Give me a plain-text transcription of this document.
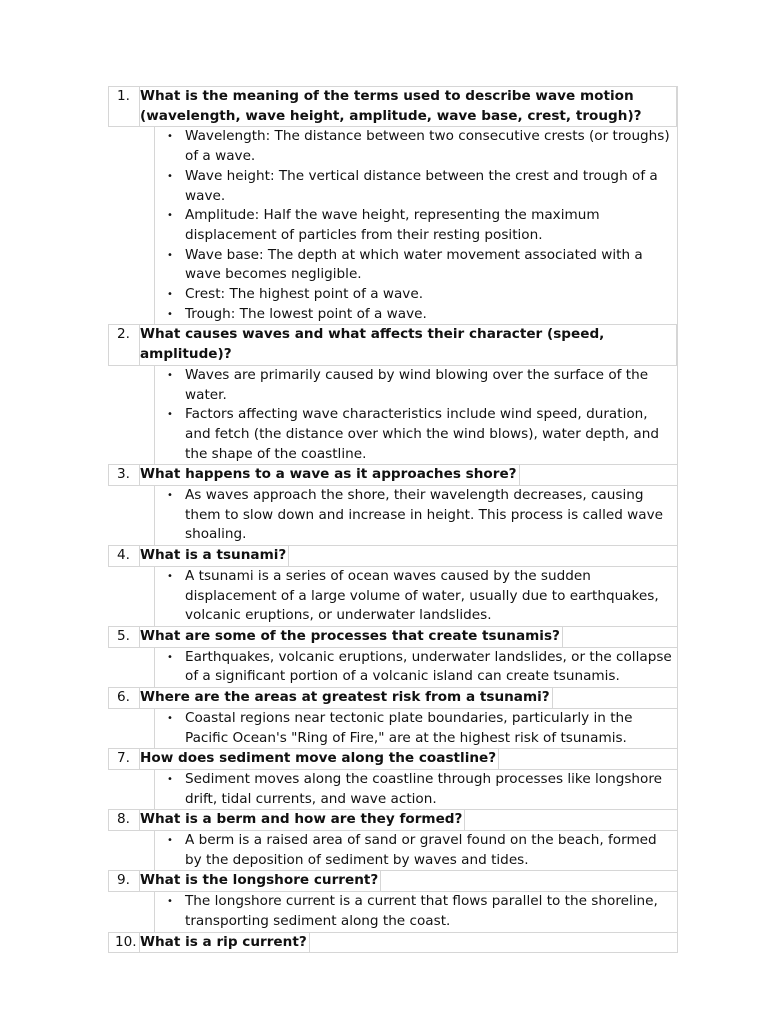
1. What is the meaning of the terms used to describe wave motion (wavelength, wave height, amplitude, wave base, crest, trough)?
• Wavelength: The distance between two consecutive crests (or troughs) of a wave.
• Wave height: The vertical distance between the crest and trough of a wave.
• Amplitude: Half the wave height, representing the maximum displacement of particles from their resting position.
• Wave base: The depth at which water movement associated with a wave becomes negligible.
• Crest: The highest point of a wave.
• Trough: The lowest point of a wave.
2. What causes waves and what affects their character (speed, amplitude)?
• Waves are primarily caused by wind blowing over the surface of the water.
• Factors affecting wave characteristics include wind speed, duration, and fetch (the distance over which the wind blows), water depth, and the shape of the coastline.
3. What happens to a wave as it approaches shore?
• As waves approach the shore, their wavelength decreases, causing them to slow down and increase in height. This process is called wave shoaling.
4. What is a tsunami?
• A tsunami is a series of ocean waves caused by the sudden displacement of a large volume of water, usually due to earthquakes, volcanic eruptions, or underwater landslides.
5. What are some of the processes that create tsunamis?
• Earthquakes, volcanic eruptions, underwater landslides, or the collapse of a significant portion of a volcanic island can create tsunamis.
6. Where are the areas at greatest risk from a tsunami?
• Coastal regions near tectonic plate boundaries, particularly in the Pacific Ocean's "Ring of Fire," are at the highest risk of tsunamis.
7. How does sediment move along the coastline?
• Sediment moves along the coastline through processes like longshore drift, tidal currents, and wave action.
8. What is a berm and how are they formed?
• A berm is a raised area of sand or gravel found on the beach, formed by the deposition of sediment by waves and tides.
9. What is the longshore current?
• The longshore current is a current that flows parallel to the shoreline, transporting sediment along the coast.
10. What is a rip current?
